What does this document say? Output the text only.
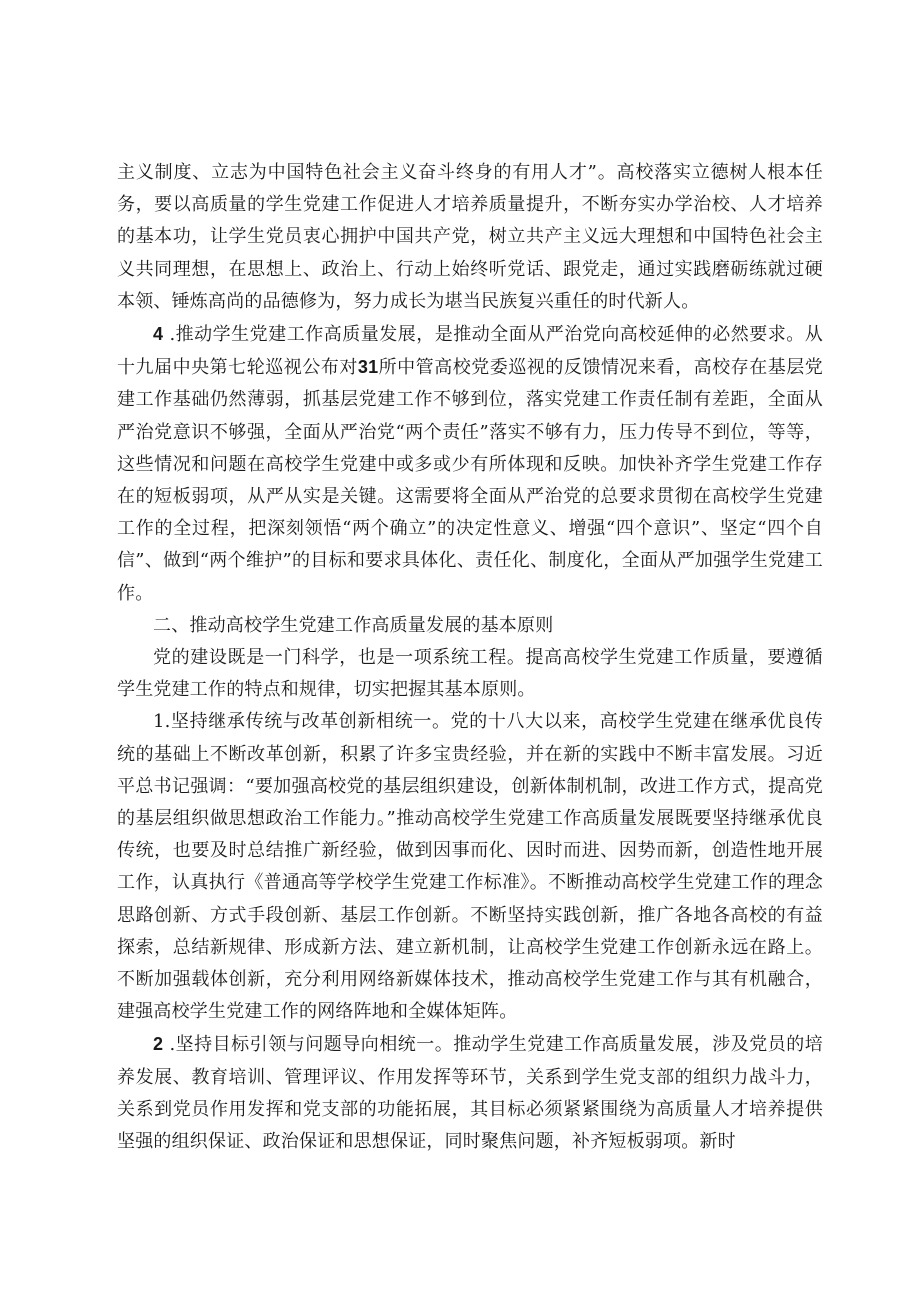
主义制度、立志为中国特色社会主义奋斗终身的有用人才”。高校落实立德树人根本任务，要以高质量的学生党建工作促进人才培养质量提升，不断夯实办学治校、人才培养的基本功，让学生党员衷心拥护中国共产党，树立共产主义远大理想和中国特色社会主义共同理想，在思想上、政治上、行动上始终听党话、跟党走，通过实践磨砺练就过硬本领、锤炼高尚的品德修为，努力成长为堪当民族复兴重任的时代新人。

4 .推动学生党建工作高质量发展，是推动全面从严治党向高校延伸的必然要求。从十九届中央第七轮巡视公布对31所中管高校党委巡视的反馈情况来看，高校存在基层党建工作基础仍然薄弱，抓基层党建工作不够到位，落实党建工作责任制有差距，全面从严治党意识不够强，全面从严治党“两个责任”落实不够有力，压力传导不到位，等等，这些情况和问题在高校学生党建中或多或少有所体现和反映。加快补齐学生党建工作存在的短板弱项，从严从实是关键。这需要将全面从严治党的总要求贯彻在高校学生党建工作的全过程，把深刻领悟“两个确立”的决定性意义、增强“四个意识”、坚定“四个自信”、做到“两个维护”的目标和要求具体化、责任化、制度化，全面从严加强学生党建工作。

二、推动高校学生党建工作高质量发展的基本原则

党的建设既是一门科学，也是一项系统工程。提高高校学生党建工作质量，要遵循学生党建工作的特点和规律，切实把握其基本原则。

1.坚持继承传统与改革创新相统一。党的十八大以来，高校学生党建在继承优良传统的基础上不断改革创新，积累了许多宝贵经验，并在新的实践中不断丰富发展。习近平总书记强调：“要加强高校党的基层组织建设，创新体制机制，改进工作方式，提高党的基层组织做思想政治工作能力。”推动高校学生党建工作高质量发展既要坚持继承优良传统，也要及时总结推广新经验，做到因事而化、因时而进、因势而新，创造性地开展工作，认真执行《普通高等学校学生党建工作标准》。不断推动高校学生党建工作的理念思路创新、方式手段创新、基层工作创新。不断坚持实践创新，推广各地各高校的有益探索，总结新规律、形成新方法、建立新机制，让高校学生党建工作创新永远在路上。不断加强载体创新，充分利用网络新媒体技术，推动高校学生党建工作与其有机融合，建强高校学生党建工作的网络阵地和全媒体矩阵。

2 .坚持目标引领与问题导向相统一。推动学生党建工作高质量发展，涉及党员的培养发展、教育培训、管理评议、作用发挥等环节，关系到学生党支部的组织力战斗力，关系到党员作用发挥和党支部的功能拓展，其目标必须紧紧围绕为高质量人才培养提供坚强的组织保证、政治保证和思想保证，同时聚焦问题，补齐短板弱项。新时
